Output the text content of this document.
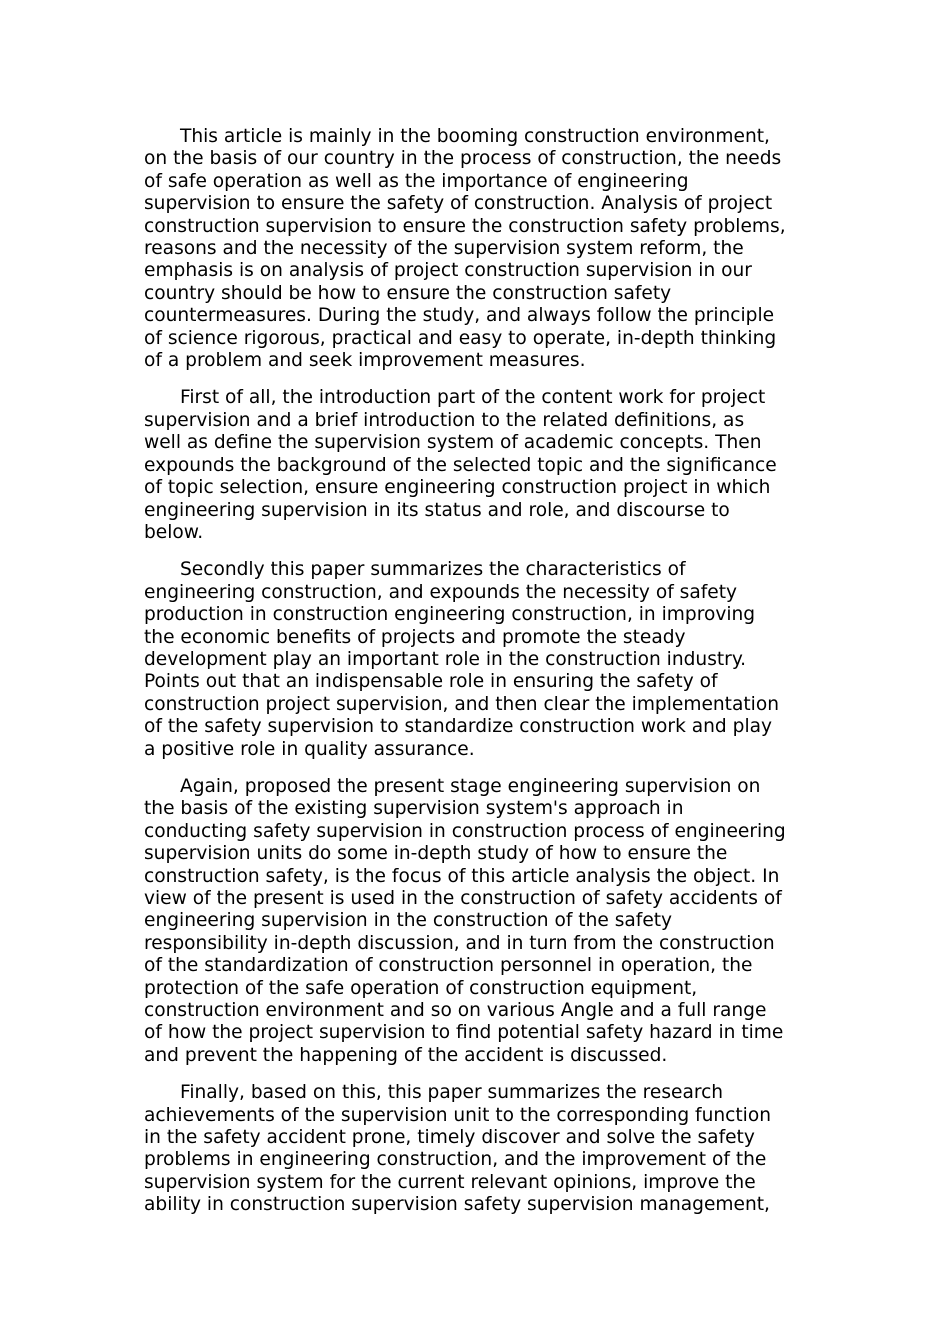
This article is mainly in the booming construction environment,
on the basis of our country in the process of construction, the needs
of safe operation as well as the importance of engineering
supervision to ensure the safety of construction. Analysis of project
construction supervision to ensure the construction safety problems,
reasons and the necessity of the supervision system reform, the
emphasis is on analysis of project construction supervision in our
country should be how to ensure the construction safety
countermeasures. During the study, and always follow the principle
of science rigorous, practical and easy to operate, in-depth thinking
of a problem and seek improvement measures.

First of all, the introduction part of the content work for project
supervision and a brief introduction to the related definitions, as
well as define the supervision system of academic concepts. Then
expounds the background of the selected topic and the significance
of topic selection, ensure engineering construction project in which
engineering supervision in its status and role, and discourse to
below.

Secondly this paper summarizes the characteristics of
engineering construction, and expounds the necessity of safety
production in construction engineering construction, in improving
the economic benefits of projects and promote the steady
development play an important role in the construction industry.
Points out that an indispensable role in ensuring the safety of
construction project supervision, and then clear the implementation
of the safety supervision to standardize construction work and play
a positive role in quality assurance.

Again, proposed the present stage engineering supervision on
the basis of the existing supervision system's approach in
conducting safety supervision in construction process of engineering
supervision units do some in-depth study of how to ensure the
construction safety, is the focus of this article analysis the object. In
view of the present is used in the construction of safety accidents of
engineering supervision in the construction of the safety
responsibility in-depth discussion, and in turn from the construction
of the standardization of construction personnel in operation, the
protection of the safe operation of construction equipment,
construction environment and so on various Angle and a full range
of how the project supervision to find potential safety hazard in time
and prevent the happening of the accident is discussed.

Finally, based on this, this paper summarizes the research
achievements of the supervision unit to the corresponding function
in the safety accident prone, timely discover and solve the safety
problems in engineering construction, and the improvement of the
supervision system for the current relevant opinions, improve the
ability in construction supervision safety supervision management,
